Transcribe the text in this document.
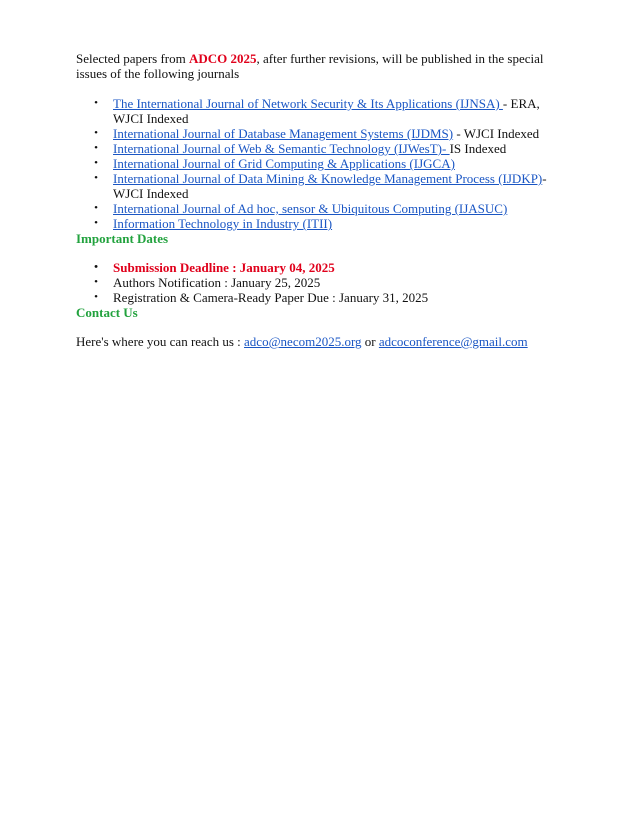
Selected papers from ADCO 2025, after further revisions, will be published in the special issues of the following journals

• The International Journal of Network Security & Its Applications (IJNSA) - ERA, WJCI Indexed
• International Journal of Database Management Systems (IJDMS) - WJCI Indexed
• International Journal of Web & Semantic Technology (IJWesT)- IS Indexed
• International Journal of Grid Computing & Applications (IJGCA)
• International Journal of Data Mining & Knowledge Management Process (IJDKP)-WJCI Indexed
• International Journal of Ad hoc, sensor & Ubiquitous Computing (IJASUC)
• Information Technology in Industry (ITII)

Important Dates

• Submission Deadline : January 04, 2025
• Authors Notification : January 25, 2025
• Registration & Camera-Ready Paper Due : January 31, 2025

Contact Us

Here's where you can reach us : adco@necom2025.org or adcoconference@gmail.com
